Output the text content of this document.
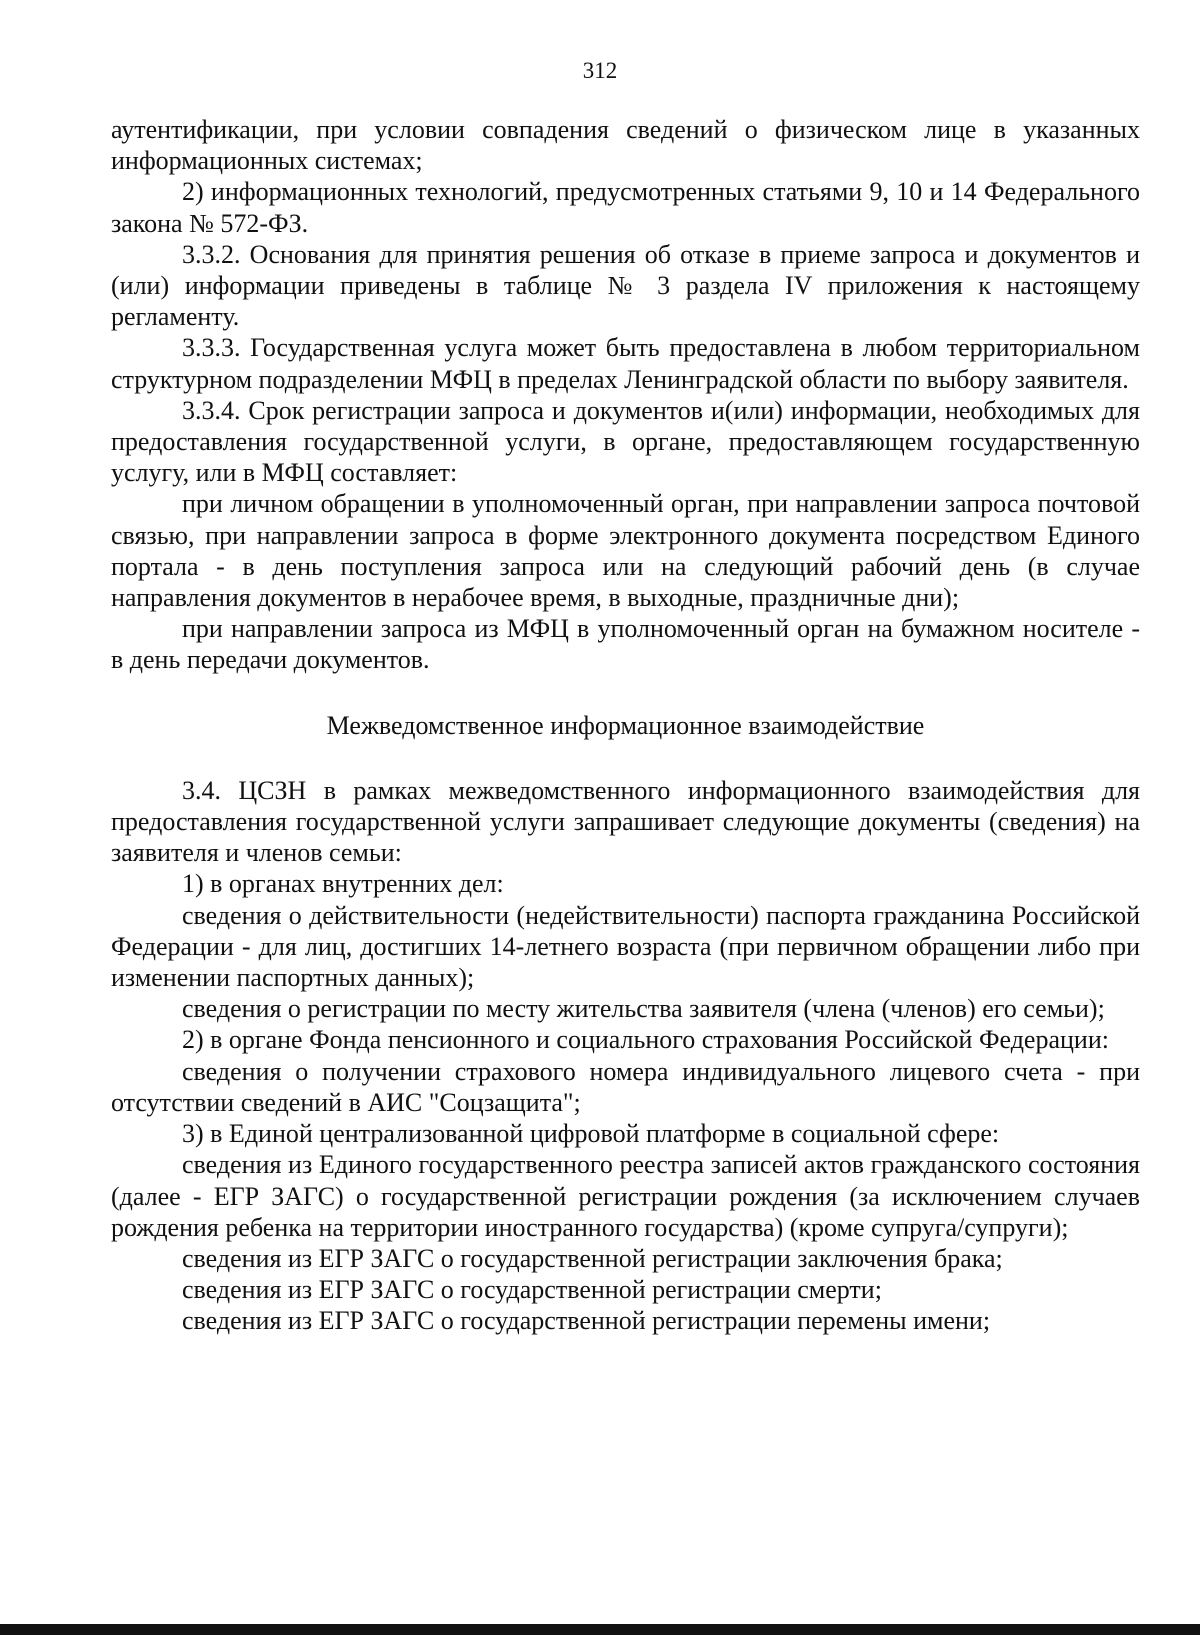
312

аутентификации, при условии совпадения сведений о физическом лице в указанных информационных системах;

2) информационных технологий, предусмотренных статьями 9, 10 и 14 Федерального закона № 572-ФЗ.

3.3.2. Основания для принятия решения об отказе в приеме запроса и документов и (или) информации приведены в таблице № 3 раздела IV приложения к настоящему регламенту.

3.3.3. Государственная услуга может быть предоставлена в любом территориальном структурном подразделении МФЦ в пределах Ленинградской области по выбору заявителя.

3.3.4. Срок регистрации запроса и документов и(или) информации, необходимых для предоставления государственной услуги, в органе, предоставляющем государственную услугу, или в МФЦ составляет:

при личном обращении в уполномоченный орган, при направлении запроса почтовой связью, при направлении запроса в форме электронного документа посредством Единого портала - в день поступления запроса или на следующий рабочий день (в случае направления документов в нерабочее время, в выходные, праздничные дни);

при направлении запроса из МФЦ в уполномоченный орган на бумажном носителе - в день передачи документов.

Межведомственное информационное взаимодействие

3.4. ЦСЗН в рамках межведомственного информационного взаимодействия для предоставления государственной услуги запрашивает следующие документы (сведения) на заявителя и членов семьи:

1) в органах внутренних дел:

сведения о действительности (недействительности) паспорта гражданина Российской Федерации - для лиц, достигших 14-летнего возраста (при первичном обращении либо при изменении паспортных данных);

сведения о регистрации по месту жительства заявителя (члена (членов) его семьи);

2) в органе Фонда пенсионного и социального страхования Российской Федерации:

сведения о получении страхового номера индивидуального лицевого счета - при отсутствии сведений в АИС "Соцзащита";

3) в Единой централизованной цифровой платформе в социальной сфере:

сведения из Единого государственного реестра записей актов гражданского состояния (далее - ЕГР ЗАГС) о государственной регистрации рождения (за исключением случаев рождения ребенка на территории иностранного государства) (кроме супруга/супруги);

сведения из ЕГР ЗАГС о государственной регистрации заключения брака;

сведения из ЕГР ЗАГС о государственной регистрации смерти;

сведения из ЕГР ЗАГС о государственной регистрации перемены имени;
